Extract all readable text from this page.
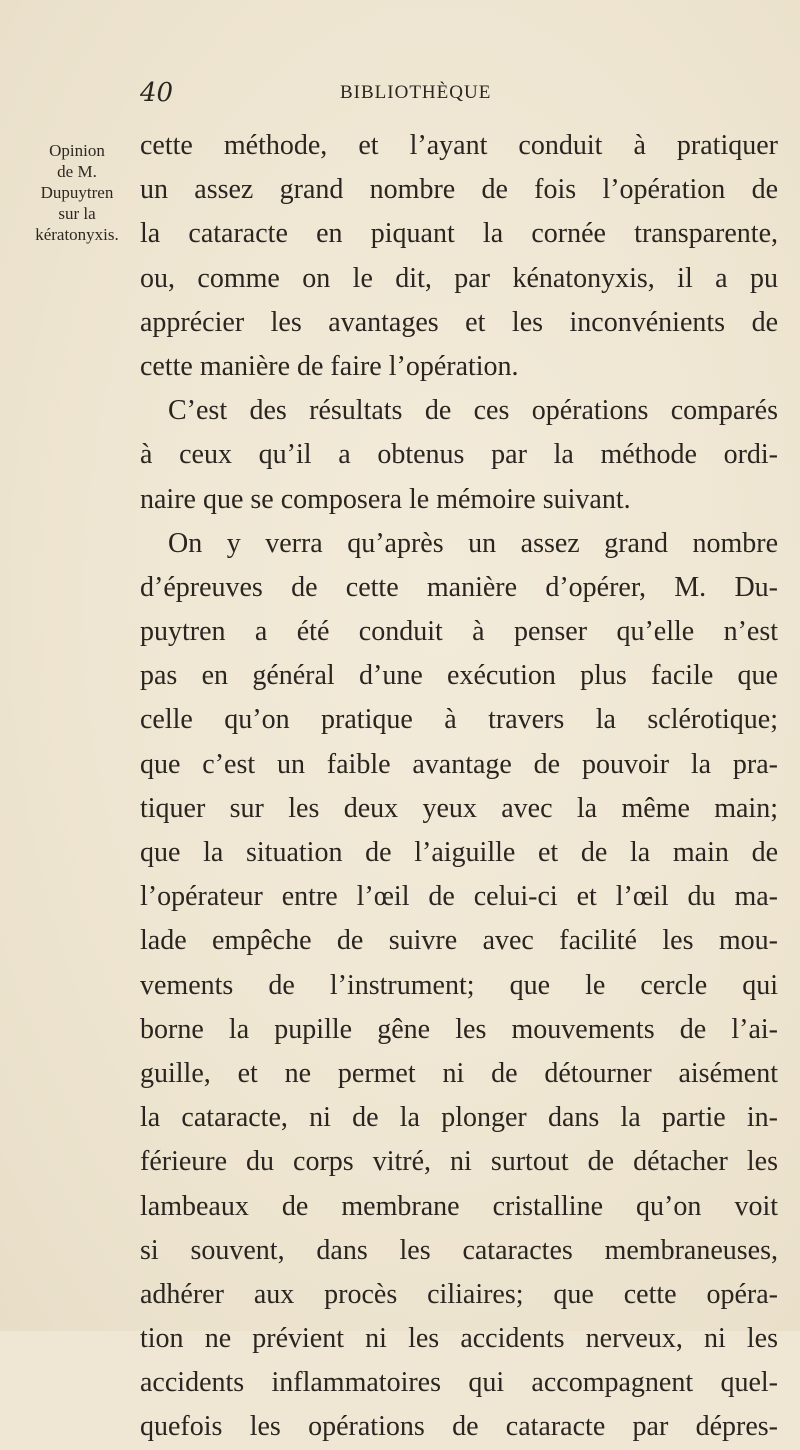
40	BIBLIOTHÈQUE
Opinion
de M.
Dupuytren
sur la
kératonyxis.
cette méthode, et l’ayant conduit à pratiquer
un assez grand nombre de fois l’opération de
la cataracte en piquant la cornée transparente,
ou, comme on le dit, par kénatonyxis, il a pu
apprécier les avantages et les inconvénients de
cette manière de faire l’opération.
C’est des résultats de ces opérations comparés
à ceux qu’il a obtenus par la méthode ordi-
naire que se composera le mémoire suivant.
On y verra qu’après un assez grand nombre
d’épreuves de cette manière d’opérer, M. Du-
puytren a été conduit à penser qu’elle n’est
pas en général d’une exécution plus facile que
celle qu’on pratique à travers la sclérotique;
que c’est un faible avantage de pouvoir la pra-
tiquer sur les deux yeux avec la même main;
que la situation de l’aiguille et de la main de
l’opérateur entre l’œil de celui-ci et l’œil du ma-
lade empêche de suivre avec facilité les mou-
vements de l’instrument; que le cercle qui
borne la pupille gêne les mouvements de l’ai-
guille, et ne permet ni de détourner aisément
la cataracte, ni de la plonger dans la partie in-
férieure du corps vitré, ni surtout de détacher les
lambeaux de membrane cristalline qu’on voit
si souvent, dans les cataractes membraneuses,
adhérer aux procès ciliaires; que cette opéra-
tion ne prévient ni les accidents nerveux, ni les
accidents inflammatoires qui accompagnent quel-
quefois les opérations de cataracte par dépres-
